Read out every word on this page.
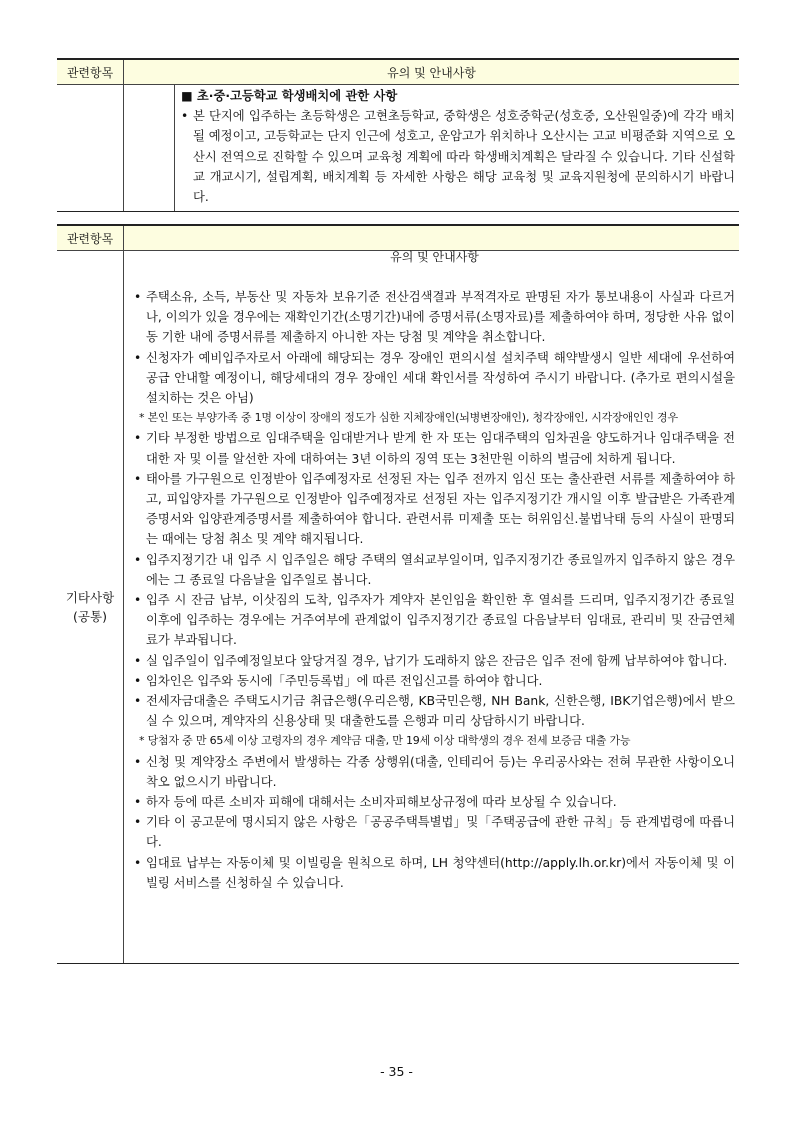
관련항목	유의 및 안내사항
■ 초·중·고등학교 학생배치에 관한 사항
• 본 단지에 입주하는 초등학생은 고현초등학교, 중학생은 성호중학군(성호중, 오산원일중)에 각각 배치될 예정이고, 고등학교는 단지 인근에 성호고, 운암고가 위치하나 오산시는 고교 비평준화 지역으로 오산시 전역으로 진학할 수 있으며 교육청 계획에 따라 학생배치계획은 달라질 수 있습니다. 기타 신설학교 개교시기, 설립계획, 배치계획 등 자세한 사항은 해당 교육청 및 교육지원청에 문의하시기 바랍니다.
관련항목
유의 및 안내사항
기타사항
(공통)
• 주택소유, 소득, 부동산 및 자동차 보유기준 전산검색결과 부적격자로 판명된 자가 통보내용이 사실과 다르거나, 이의가 있을 경우에는 재확인기간(소명기간)내에 증명서류(소명자료)를 제출하여야 하며, 정당한 사유 없이 동 기한 내에 증명서류를 제출하지 아니한 자는 당첨 및 계약을 취소합니다.
• 신청자가 예비입주자로서 아래에 해당되는 경우 장애인 편의시설 설치주택 해약발생시 일반 세대에 우선하여 공급 안내할 예정이니, 해당세대의 경우 장애인 세대 확인서를 작성하여 주시기 바랍니다. (추가로 편의시설을 설치하는 것은 아님)
* 본인 또는 부양가족 중 1명 이상이 장애의 정도가 심한 지체장애인(뇌병변장애인), 청각장애인, 시각장애인인 경우
• 기타 부정한 방법으로 임대주택을 임대받거나 받게 한 자 또는 임대주택의 임차권을 양도하거나 임대주택을 전대한 자 및 이를 알선한 자에 대하여는 3년 이하의 징역 또는 3천만원 이하의 벌금에 처하게 됩니다.
• 태아를 가구원으로 인정받아 입주예정자로 선정된 자는 입주 전까지 임신 또는 출산관련 서류를 제출하여야 하고, 피입양자를 가구원으로 인정받아 입주예정자로 선정된 자는 입주지정기간 개시일 이후 발급받은 가족관계증명서와 입양관계증명서를 제출하여야 합니다. 관련서류 미제출 또는 허위임신.불법낙태 등의 사실이 판명되는 때에는 당첨 취소 및 계약 해지됩니다.
• 입주지정기간 내 입주 시 입주일은 해당 주택의 열쇠교부일이며, 입주지정기간 종료일까지 입주하지 않은 경우에는 그 종료일 다음날을 입주일로 봅니다.
• 입주 시 잔금 납부, 이삿짐의 도착, 입주자가 계약자 본인임을 확인한 후 열쇠를 드리며, 입주지정기간 종료일 이후에 입주하는 경우에는 거주여부에 관계없이 입주지정기간 종료일 다음날부터 임대료, 관리비 및 잔금연체료가 부과됩니다.
• 실 입주일이 입주예정일보다 앞당겨질 경우, 납기가 도래하지 않은 잔금은 입주 전에 함께 납부하여야 합니다.
• 임차인은 입주와 동시에「주민등록법」에 따른 전입신고를 하여야 합니다.
• 전세자금대출은 주택도시기금 취급은행(우리은행, KB국민은행, NH Bank, 신한은행, IBK기업은행)에서 받으실 수 있으며, 계약자의 신용상태 및 대출한도를 은행과 미리 상담하시기 바랍니다.
* 당첨자 중 만 65세 이상 고령자의 경우 계약금 대출, 만 19세 이상 대학생의 경우 전세 보증금 대출 가능
• 신청 및 계약장소 주변에서 발생하는 각종 상행위(대출, 인테리어 등)는 우리공사와는 전혀 무관한 사항이오니 착오 없으시기 바랍니다.
• 하자 등에 따른 소비자 피해에 대해서는 소비자피해보상규정에 따라 보상될 수 있습니다.
• 기타 이 공고문에 명시되지 않은 사항은「공공주택특별법」및「주택공급에 관한 규칙」등 관계법령에 따릅니다.
• 임대료 납부는 자동이체 및 이빌링을 원칙으로 하며, LH 청약센터(http://apply.lh.or.kr)에서 자동이체 및 이빌링 서비스를 신청하실 수 있습니다.
- 35 -
